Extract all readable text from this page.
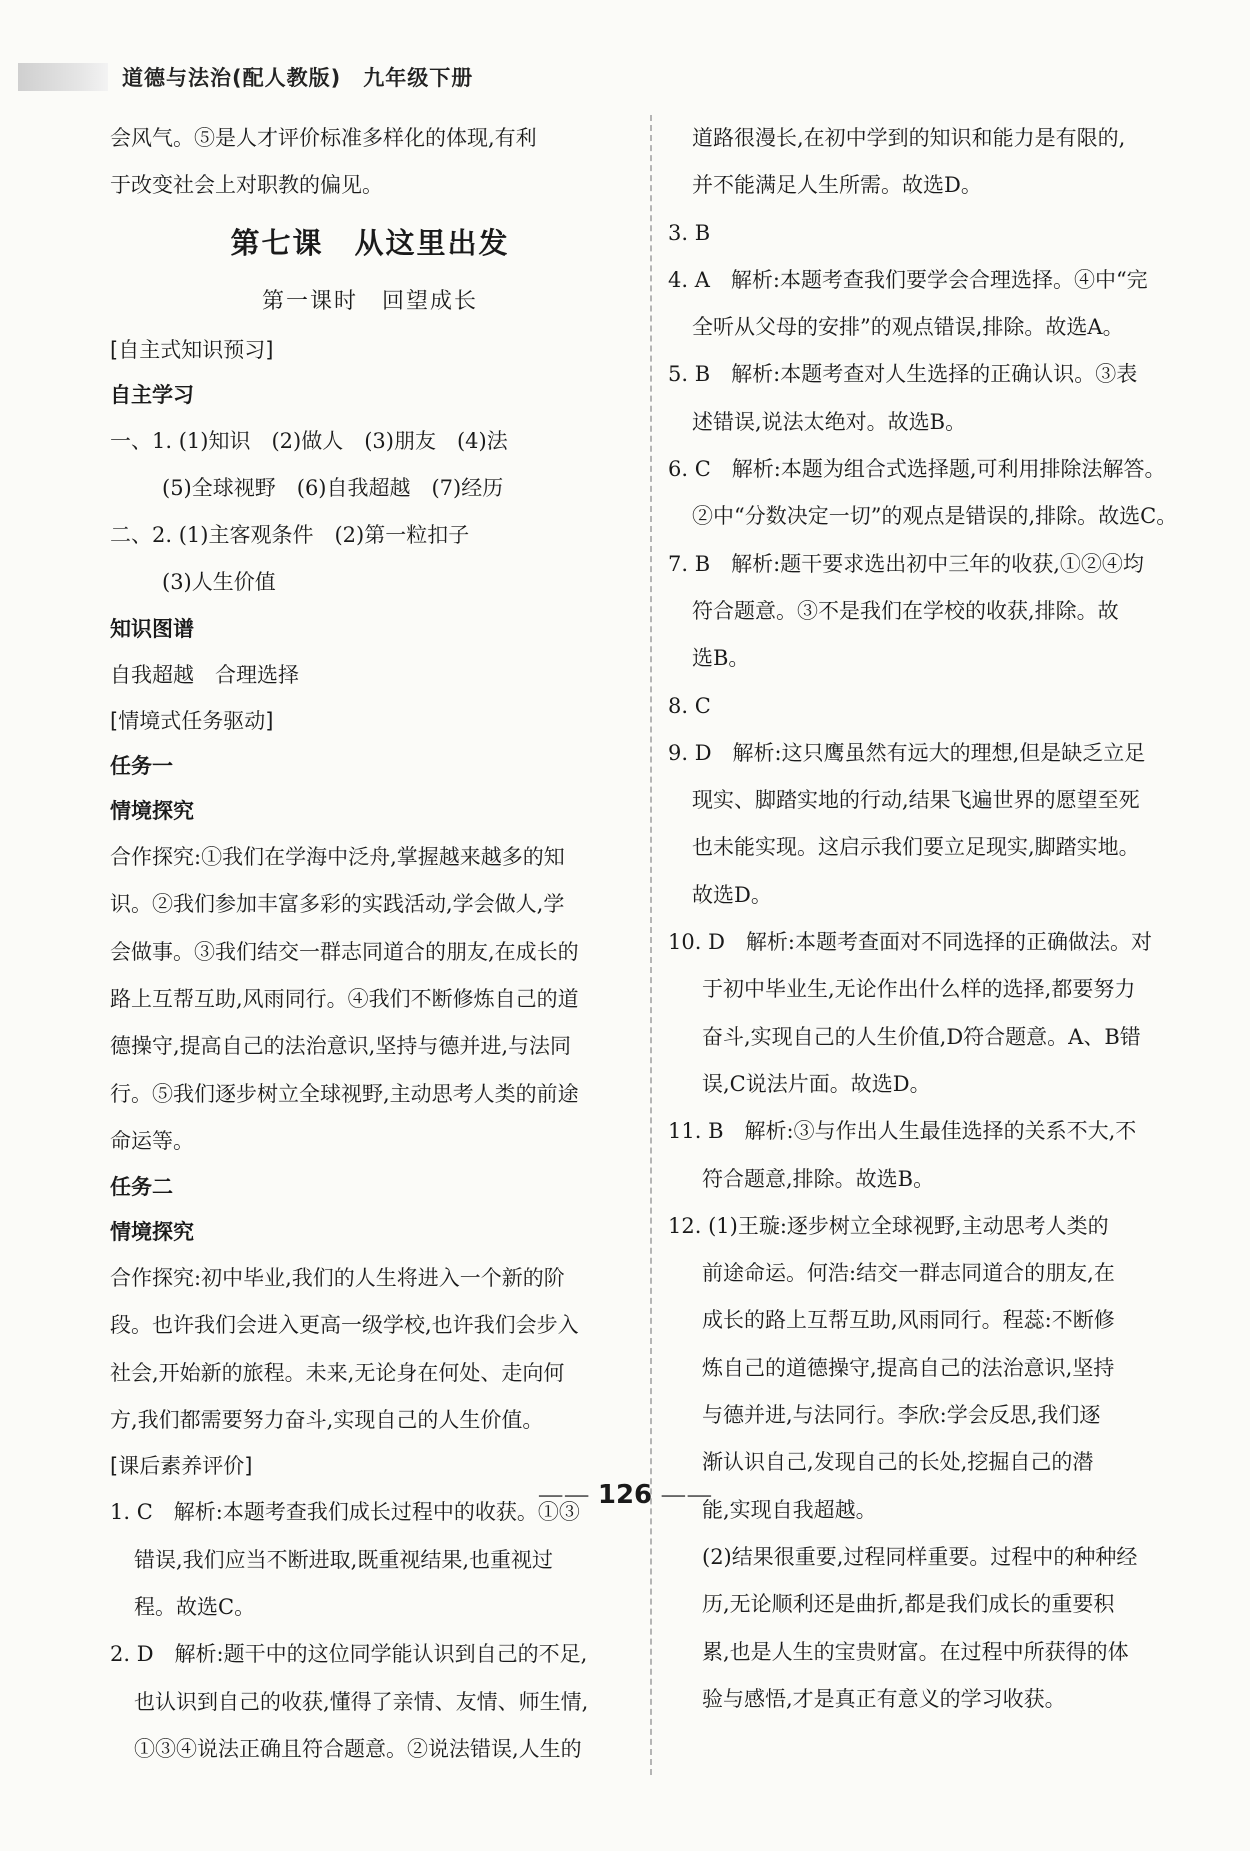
道德与法治(配人教版)　九年级下册

会风气。⑤是人才评价标准多样化的体现,有利

于改变社会上对职教的偏见。

第七课　从这里出发
第一课时　回望成长
[自主式知识预习]
自主学习

一、1. (1)知识　(2)做人　(3)朋友　(4)法

(5)全球视野　(6)自我超越　(7)经历

二、2. (1)主客观条件　(2)第一粒扣子

(3)人生价值

知识图谱

自我超越　合理选择

[情境式任务驱动]
任务一
情境探究

合作探究:①我们在学海中泛舟,掌握越来越多的知

识。②我们参加丰富多彩的实践活动,学会做人,学

会做事。③我们结交一群志同道合的朋友,在成长的

路上互帮互助,风雨同行。④我们不断修炼自己的道

德操守,提高自己的法治意识,坚持与德并进,与法同

行。⑤我们逐步树立全球视野,主动思考人类的前途

命运等。

任务二
情境探究

合作探究:初中毕业,我们的人生将进入一个新的阶

段。也许我们会进入更高一级学校,也许我们会步入

社会,开始新的旅程。未来,无论身在何处、走向何

方,我们都需要努力奋斗,实现自己的人生价值。

[课后素养评价]

1. C　解析:本题考查我们成长过程中的收获。①③

错误,我们应当不断进取,既重视结果,也重视过

程。故选C。

2. D　解析:题干中的这位同学能认识到自己的不足,

也认识到自己的收获,懂得了亲情、友情、师生情,

①③④说法正确且符合题意。②说法错误,人生的

道路很漫长,在初中学到的知识和能力是有限的,

并不能满足人生所需。故选D。

3. B

4. A　解析:本题考查我们要学会合理选择。④中“完

全听从父母的安排”的观点错误,排除。故选A。

5. B　解析:本题考查对人生选择的正确认识。③表

述错误,说法太绝对。故选B。

6. C　解析:本题为组合式选择题,可利用排除法解答。

②中“分数决定一切”的观点是错误的,排除。故选C。

7. B　解析:题干要求选出初中三年的收获,①②④均

符合题意。③不是我们在学校的收获,排除。故

选B。

8. C

9. D　解析:这只鹰虽然有远大的理想,但是缺乏立足

现实、脚踏实地的行动,结果飞遍世界的愿望至死

也未能实现。这启示我们要立足现实,脚踏实地。

故选D。

10. D　解析:本题考查面对不同选择的正确做法。对

于初中毕业生,无论作出什么样的选择,都要努力

奋斗,实现自己的人生价值,D符合题意。A、B错

误,C说法片面。故选D。

11. B　解析:③与作出人生最佳选择的关系不大,不

符合题意,排除。故选B。

12. (1)王璇:逐步树立全球视野,主动思考人类的

前途命运。何浩:结交一群志同道合的朋友,在

成长的路上互帮互助,风雨同行。程蕊:不断修

炼自己的道德操守,提高自己的法治意识,坚持

与德并进,与法同行。李欣:学会反思,我们逐

渐认识自己,发现自己的长处,挖掘自己的潜

能,实现自我超越。

(2)结果很重要,过程同样重要。过程中的种种经

历,无论顺利还是曲折,都是我们成长的重要积

累,也是人生的宝贵财富。在过程中所获得的体

验与感悟,才是真正有意义的学习收获。

—— 126 ——
